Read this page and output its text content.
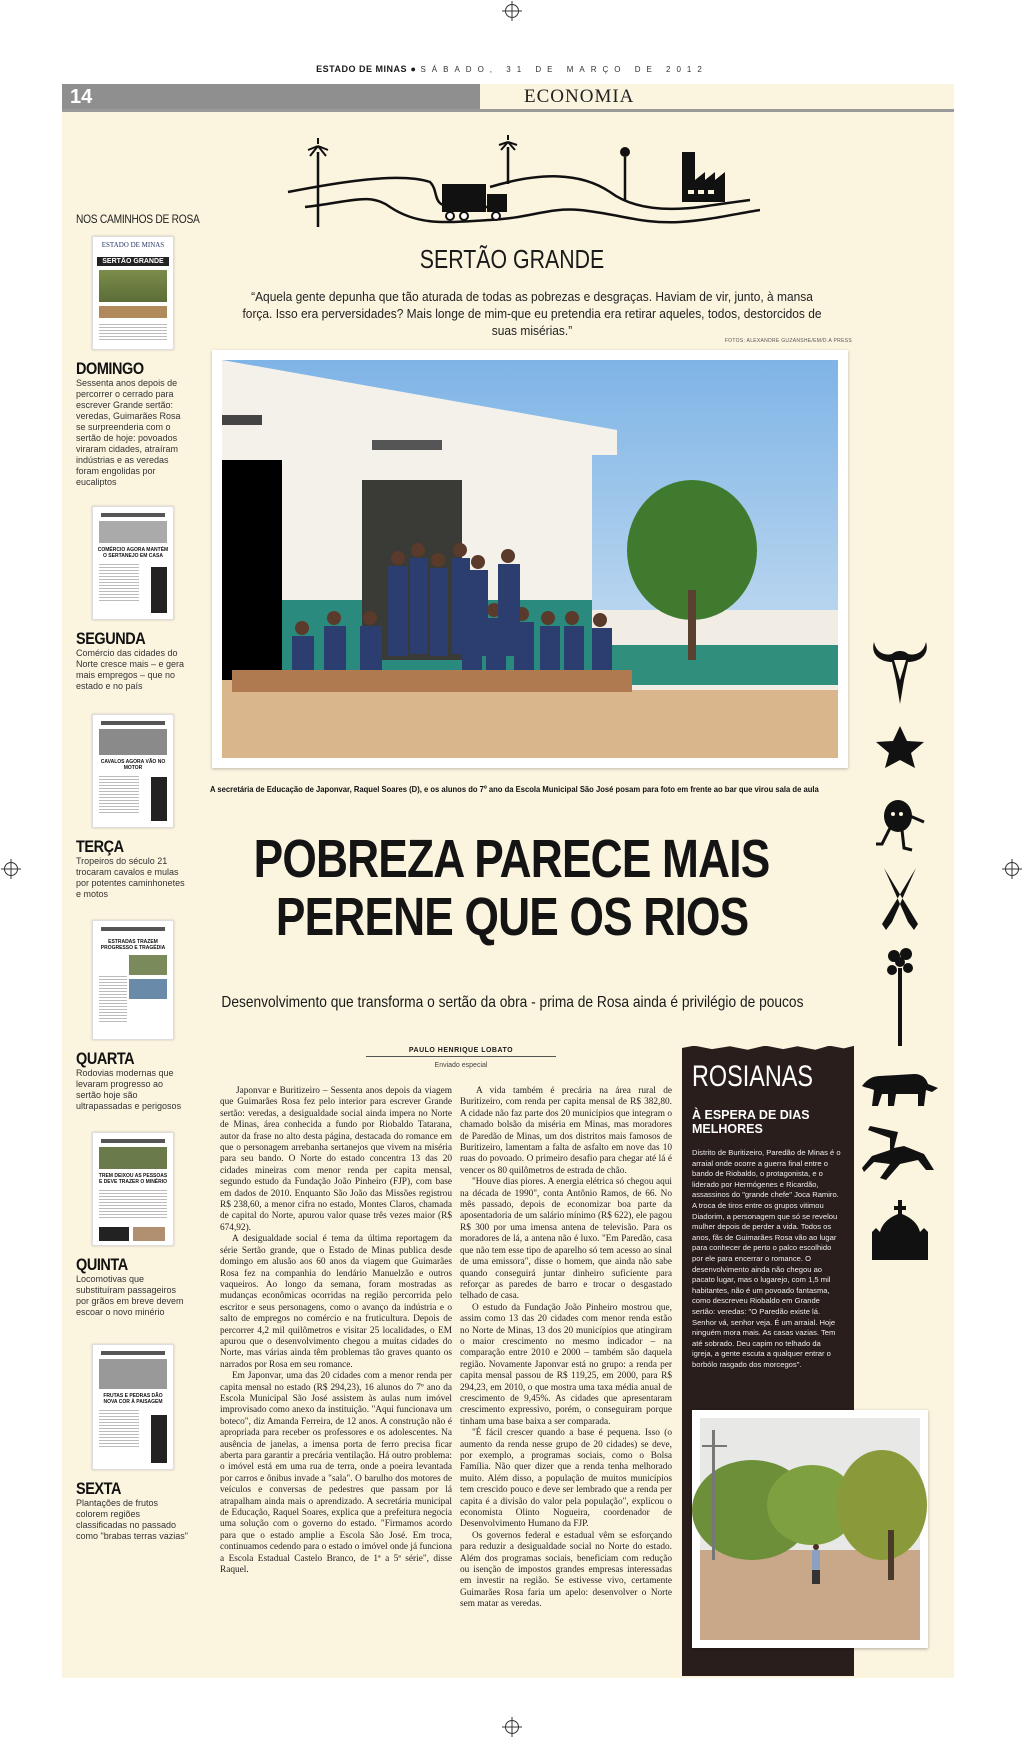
ESTADO DE MINAS ● SÁBADO, 31 DE MARÇO DE 2012
14	ECONOMIA
NOS CAMINHOS DE ROSA
ESTADO DE MINAS
SERTÃO GRANDE
DOMINGO

Sessenta anos depois de percorrer o cerrado para escrever Grande sertão: veredas, Guimarães Rosa se surpreenderia com o sertão de hoje: povoados viraram cidades, atraíram indústrias e as veredas foram engolidas por eucaliptos

COMÉRCIO AGORA MANTÉM O SERTANEJO EM CASA
SEGUNDA

Comércio das cidades do Norte cresce mais – e gera mais empregos – que no estado e no país

CAVALOS AGORA VÃO NO MOTOR
TERÇA

Tropeiros do século 21 trocaram cavalos e mulas por potentes caminhonetes e motos

ESTRADAS TRAZEM PROGRESSO E TRAGÉDIA
QUARTA

Rodovias modernas que levaram progresso ao sertão hoje são ultrapassadas e perigosos

TREM DEIXOU AS PESSOAS E DEVE TRAZER O MINÉRIO
QUINTA

Locomotivas que substituíram passageiros por grãos em breve devem escoar o novo minério

FRUTAS E PEDRAS DÃO NOVA COR À PAISAGEM
SEXTA

Plantações de frutos colorem regiões classificadas no passado como "brabas terras vazias"

SERTÃO GRANDE
“Aquela gente depunha que tão aturada de todas as pobrezas e desgraças. Haviam de vir, junto, à mansa força. Isso era perversidades? Mais longe de mim-que eu pretendia era retirar aqueles, todos, destorcidos de suas misérias.”
FOTOS: ALEXANDRE GUZANSHE/EM/D.A PRESS
A secretária de Educação de Japonvar, Raquel Soares (D), e os alunos do 7º ano da Escola Municipal São José posam para foto em frente ao bar que virou sala de aula
POBREZA PARECE MAIS
PERENE QUE OS RIOS
Desenvolvimento que transforma o sertão da obra - prima de Rosa ainda é privilégio de poucos
PAULO HENRIQUE LOBATO
Enviado especial

Japonvar e Buritizeiro – Sessenta anos depois da viagem que Guimarães Rosa fez pelo interior para escrever Grande sertão: veredas, a desigualdade social ainda impera no Norte de Minas, área conhecida a fundo por Riobaldo Tatarana, autor da frase no alto desta página, destacada do romance em que o personagem arrebanha sertanejos que vivem na miséria para seu bando. O Norte do estado concentra 13 das 20 cidades mineiras com menor renda per capita mensal, segundo estudo da Fundação João Pinheiro (FJP), com base em dados de 2010. Enquanto São João das Missões registrou R$ 238,60, a menor cifra no estado, Montes Claros, chamada de capital do Norte, apurou valor quase três vezes maior (R$ 674,92).

A desigualdade social é tema da última reportagem da série Sertão grande, que o Estado de Minas publica desde domingo em alusão aos 60 anos da viagem que Guimarães Rosa fez na companhia do lendário Manuelzão e outros vaqueiros. Ao longo da semana, foram mostradas as mudanças econômicas ocorridas na região percorrida pelo escritor e seus personagens, como o avanço da indústria e o salto de empregos no comércio e na fruticultura. Depois de percorrer 4,2 mil quilômetros e visitar 25 localidades, o EM apurou que o desenvolvimento chegou a muitas cidades do Norte, mas várias ainda têm problemas tão graves quanto os narrados por Rosa em seu romance.

Em Japonvar, uma das 20 cidades com a menor renda per capita mensal no estado (R$ 294,23), 16 alunos do 7º ano da Escola Municipal São José assistem às aulas num imóvel improvisado como anexo da instituição. "Aqui funcionava um boteco", diz Amanda Ferreira, de 12 anos. A construção não é apropriada para receber os professores e os adolescentes. Na ausência de janelas, a imensa porta de ferro precisa ficar aberta para garantir a precária ventilação. Há outro problema: o imóvel está em uma rua de terra, onde a poeira levantada por carros e ônibus invade a "sala". O barulho dos motores de veículos e conversas de pedestres que passam por lá atrapalham ainda mais o aprendizado. A secretária municipal de Educação, Raquel Soares, explica que a prefeitura negocia uma solução com o governo do estado. "Firmamos acordo para que o estado amplie a Escola São José. Em troca, continuamos cedendo para o estado o imóvel onde já funciona a Escola Estadual Castelo Branco, de 1ª a 5ª série", disse Raquel.

A vida também é precária na área rural de Buritizeiro, com renda per capita mensal de R$ 382,80. A cidade não faz parte dos 20 municípios que integram o chamado bolsão da miséria em Minas, mas moradores de Paredão de Minas, um dos distritos mais famosos de Buritizeiro, lamentam a falta de asfalto em nove das 10 ruas do povoado. O primeiro desafio para chegar até lá é vencer os 80 quilômetros de estrada de chão.

"Houve dias piores. A energia elétrica só chegou aqui na década de 1990", conta Antônio Ramos, de 66. No mês passado, depois de economizar boa parte da aposentadoria de um salário mínimo (R$ 622), ele pagou R$ 300 por uma imensa antena de televisão. Para os moradores de lá, a antena não é luxo. "Em Paredão, casa que não tem esse tipo de aparelho só tem acesso ao sinal de uma emissora", disse o homem, que ainda não sabe quando conseguirá juntar dinheiro suficiente para reforçar as paredes de barro e trocar o desgastado telhado de casa.

O estudo da Fundação João Pinheiro mostrou que, assim como 13 das 20 cidades com menor renda estão no Norte de Minas, 13 dos 20 municípios que atingiram o maior crescimento no mesmo indicador – na comparação entre 2010 e 2000 – também são daquela região. Novamente Japonvar está no grupo: a renda per capita mensal passou de R$ 119,25, em 2000, para R$ 294,23, em 2010, o que mostra uma taxa média anual de crescimento de 9,45%. As cidades que apresentaram crescimento expressivo, porém, o conseguiram porque tinham uma base baixa a ser comparada.

"É fácil crescer quando a base é pequena. Isso (o aumento da renda nesse grupo de 20 cidades) se deve, por exemplo, a programas sociais, como o Bolsa Família. Não quer dizer que a renda tenha melhorado muito. Além disso, a população de muitos municípios tem crescido pouco e deve ser lembrado que a renda per capita é a divisão do valor pela população", explicou o economista Olinto Nogueira, coordenador de Desenvolvimento Humano da FJP.

Os governos federal e estadual vêm se esforçando para reduzir a desigualdade social no Norte do estado. Além dos programas sociais, beneficiam com redução ou isenção de impostos grandes empresas interessadas em investir na região. Se estivesse vivo, certamente Guimarães Rosa faria um apelo: desenvolver o Norte sem matar as veredas.

ROSIANAS
À ESPERA DE DIAS MELHORES

Distrito de Buritizeiro, Paredão de Minas é o arraial onde ocorre a guerra final entre o bando de Riobaldo, o protagonista, e o liderado por Hermógenes e Ricardão, assassinos do "grande chefe" Joca Ramiro. A troca de tiros entre os grupos vitimou Diadorim, a personagem que só se revelou mulher depois de perder a vida. Todos os anos, fãs de Guimarães Rosa vão ao lugar para conhecer de perto o palco escolhido por ele para encerrar o romance. O desenvolvimento ainda não chegou ao pacato lugar, mas o lugarejo, com 1,5 mil habitantes, não é um povoado fantasma, como descreveu Riobaldo em Grande sertão: veredas: "O Paredão existe lá. Senhor vá, senhor veja. É um arraial. Hoje ninguém mora mais. As casas vazias. Tem até sobrado. Deu capim no telhado da igreja, a gente escuta a qualquer entrar o borbólo rasgado dos morcegos".
